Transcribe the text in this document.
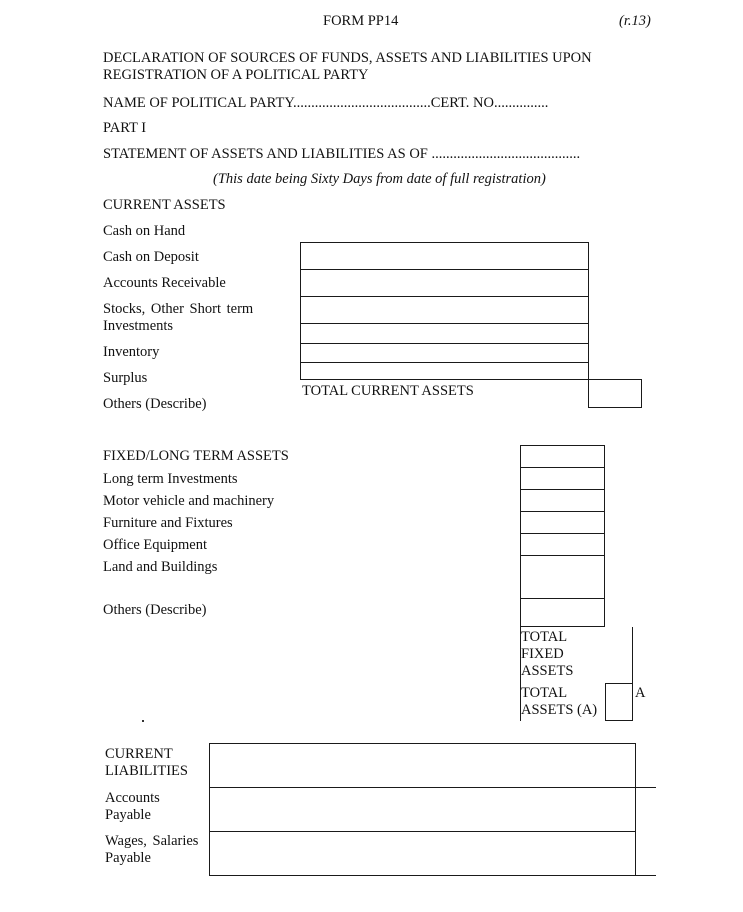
FORM PP14	(r.13)
DECLARATION OF SOURCES OF FUNDS, ASSETS AND LIABILITIES UPON
REGISTRATION OF A POLITICAL PARTY
NAME OF POLITICAL PARTY......................................CERT. NO...............
PART I
STATEMENT OF ASSETS AND LIABILITIES AS OF .........................................
(This date being Sixty Days from date of full registration)
CURRENT ASSETS
Cash on Hand
Cash on Deposit
Accounts Receivable
Stocks, Other Short term
Investments
Inventory
Surplus
Others (Describe)
TOTAL CURRENT ASSETS
FIXED/LONG TERM ASSETS
Long term Investments
Motor vehicle and machinery
Furniture and Fixtures
Office Equipment
Land and Buildings
Others (Describe)
TOTAL
FIXED
ASSETS
TOTAL
ASSETS (A)
A
CURRENT
LIABILITIES
Accounts
Payable
Wages, Salaries
Payable
